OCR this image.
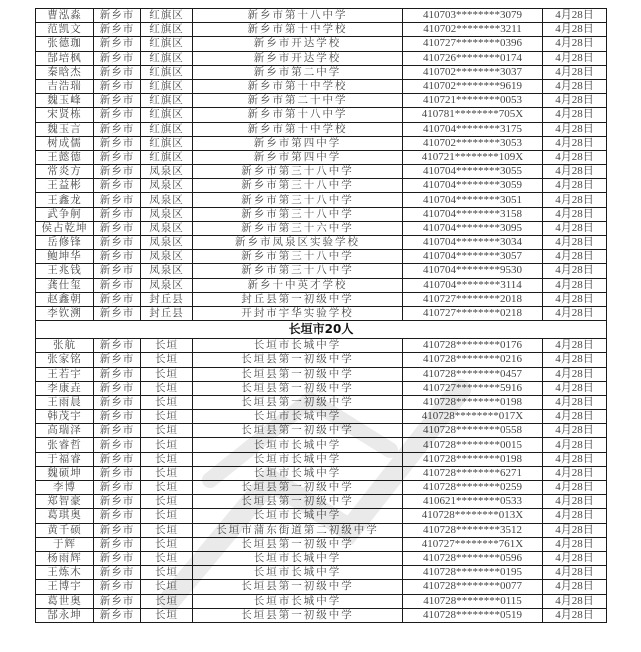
曹泓淼	新乡市	红旗区	新乡市第十八中学	410703********3079	4月28日
范凯文	新乡市	红旗区	新乡市第十中学校	410702********3211	4月28日
张德珈	新乡市	红旗区	新乡市开达学校	410727********0396	4月28日
郜培枫	新乡市	红旗区	新乡市开达学校	410726********0174	4月28日
秦晗杰	新乡市	红旗区	新乡市第二中学	410702********3037	4月28日
吉浩瑞	新乡市	红旗区	新乡市第十中学校	410702********9619	4月28日
魏玉峰	新乡市	红旗区	新乡市第二十中学	410721********0053	4月28日
宋贤栋	新乡市	红旗区	新乡市第十八中学	410781********705X	4月28日
魏玉言	新乡市	红旗区	新乡市第十中学校	410704********3175	4月28日
树成儒	新乡市	红旗区	新乡市第四中学	410702********3053	4月28日
王懿德	新乡市	红旗区	新乡市第四中学	410721********109X	4月28日
常炎方	新乡市	凤泉区	新乡市第三十八中学	410704********3055	4月28日
王益彬	新乡市	凤泉区	新乡市第三十八中学	410704********3059	4月28日
王鑫龙	新乡市	凤泉区	新乡市第三十八中学	410704********3051	4月28日
武争舸	新乡市	凤泉区	新乡市第三十八中学	410704********3158	4月28日
侯占乾坤	新乡市	凤泉区	新乡市第三十六中学	410704********3095	4月28日
岳修锋	新乡市	凤泉区	新乡市凤泉区实验学校	410704********3034	4月28日
鲍坤华	新乡市	凤泉区	新乡市第三十八中学	410704********3057	4月28日
王兆钱	新乡市	凤泉区	新乡市第三十八中学	410704********9530	4月28日
龚仕玺	新乡市	凤泉区	新乡十中英才学校	410704********3114	4月28日
赵鑫朝	新乡市	封丘县	封丘县第一初级中学	410727********2018	4月28日
李钦溯	新乡市	封丘县	开封市宇华实验学校	410727********0218	4月28日
长垣市20人					
张航	新乡市	长垣	长垣市长城中学	410728********0176	4月28日
张家铭	新乡市	长垣	长垣县第一初级中学	410728********0216	4月28日
王若宇	新乡市	长垣	长垣县第一初级中学	410728********0457	4月28日
李康垚	新乡市	长垣	长垣县第一初级中学	410727********5916	4月28日
王雨晨	新乡市	长垣	长垣县第一初级中学	410728********0198	4月28日
韩茂宇	新乡市	长垣	长垣市长城中学	410728********017X	4月28日
高瑞泽	新乡市	长垣	长垣县第一初级中学	410728********0558	4月28日
张睿哲	新乡市	长垣	长垣市长城中学	410728********0015	4月28日
于福睿	新乡市	长垣	长垣市长城中学	410728********0198	4月28日
魏硕坤	新乡市	长垣	长垣市长城中学	410728********6271	4月28日
李博	新乡市	长垣	长垣县第一初级中学	410728********0259	4月28日
郑智豪	新乡市	长垣	长垣县第一初级中学	410621********0533	4月28日
葛琪奥	新乡市	长垣	长垣市长城中学	410728********013X	4月28日
黄千硕	新乡市	长垣	长垣市蒲东街道第二初级中学	410728********3512	4月28日
于辉	新乡市	长垣	长垣县第一初级中学	410727********761X	4月28日
杨雨辉	新乡市	长垣	长垣市长城中学	410728********0596	4月28日
王炼木	新乡市	长垣	长垣市长城中学	410728********0195	4月28日
王博宇	新乡市	长垣	长垣县第一初级中学	410728********0077	4月28日
葛世奥	新乡市	长垣	长垣市长城中学	410728********0115	4月28日
郜永坤	新乡市	长垣	长垣县第一初级中学	410728********0519	4月28日
